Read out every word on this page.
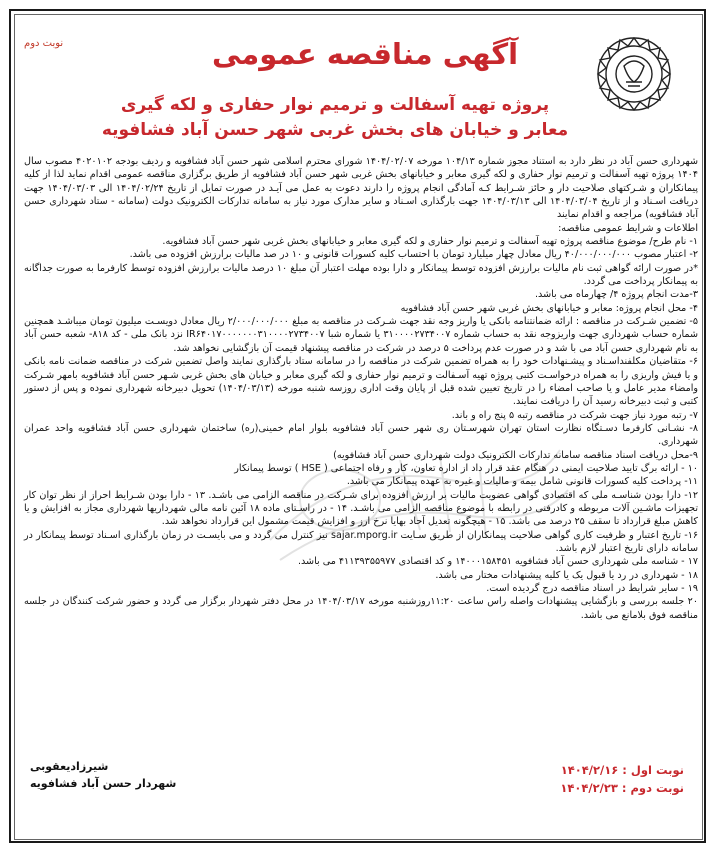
نوبت دوم	آگهی مناقصه عمومی
پروژه تهیه آسفالت و ترمیم نوار حفاری و لکه گیری
معابر و خیابان های بخش غربی شهر حسن آباد فشافویه

شهرداری حسن آباد در نظر دارد به استناد مجوز شماره ۱۰۴/۱۳ مورخه ۱۴۰۴/۰۲/۰۷ شورای محترم اسلامی شهر حسن آباد فشافویه و ردیف بودجه ۴۰۲۰۱۰۲ مصوب سال ۱۴۰۴ پروژه تهیه آسفالت و ترمیم نوار حفاری و لکه گیری معابر و خیابانهای بخش غربی شهر حسن آباد فشافویه از طریق برگزاری مناقصه عمومی اقدام نماید لذا از کلیه پیمانکاران و شـرکتهای صلاحیت دار و حائز شـرایط کـه آمادگی انجام پروژه را دارند دعوت به عمل می آیـد در صورت تمایل از تاریخ ۱۴۰۴/۰۲/۲۴ الی ۱۴۰۴/۰۳/۰۳ جهت دریافت اسـناد و از تاریخ ۱۴۰۴/۰۳/۰۴ الی ۱۴۰۴/۰۳/۱۳ جهت بارگذاری اسـناد و سایر مدارک مورد نیاز به سامانه تدارکات الکترونیک دولت (سامانه - ستاد شهرداری حسن آباد فشافویه) مراجعه و اقدام نمایند

اطلاعات و شرایط عمومی مناقصه:

۱- نام طرح/ موضوع مناقصه پروژه تهیه آسفالت و ترمیم نوار حفاری و لکه گیری معابر و خیابانهای بخش غربی شهر حسن آباد فشافویه.

۲- اعتبار مصوب ۴۰/۰۰۰/۰۰۰/۰۰۰ ریال معادل چهار میلیارد تومان با احتساب کلیه کسورات قانونی و ۱۰ در صد مالیات برارزش افزوده می باشد.

*در صورت ارائه گواهی ثبت نام مالیات برارزش افزوده توسط پیمانکار و دارا بوده مهلت اعتبار آن مبلغ ۱۰ درصد مالیات برارزش افزوده توسط کارفرما به صورت جداگانه به پیمانکار پرداخت می گردد.

۳-مدت انجام پروژه ۴/ چهارماه می باشد.

۴- محل انجام پروژه: معابر و خیابانهای بخش غربی شهر حسن آباد فشافویه

۵- تضمین شـرکت در مناقصه : ارائه ضمانتنامه بانکی یا واریز وجه نقد جهت شـرکت در مناقصه به مبلغ ۲/۰۰۰/۰۰۰/۰۰۰ ریال معادل دویسـت میلیون تومان میباشـد همچنین شماره حساب شهرداری جهت واریزوجه نقد به حساب شماره ۳۱۰۰۰۰۲۷۳۴۰۰۷ یا شماره شبا IR۶۴۰۱۷۰۰۰۰۰۰۰۳۱۰۰۰۰۲۷۳۴۰۰۷ نزد بانک ملی - کد ۸۱۸- شعبه حسن آباد به نام شهرداری حسن آباد می با شد و در صورت عدم پرداخت ۵ درصد در شرکت در مناقصه پیشنهاد قیمت آن بازگشایی نخواهد شد.

۶- متقاضیان مکلفنداسـناد و پیشـنهادات خود را به همراه تضمین شرکت در مناقصه را در سامانه ستاد بارگذاری نمایند واصل تضمین شرکت در مناقصه ضمانت نامه بانکی و یا فیش واریزی را به همراه درخواسـت کتبی پروژه تهیه آسـفالت و ترمیم نوار حفاری و لکه گیری معابر و خیابان های بخش غربی شـهر حسن آباد فشافویه بامهر شـرکت وامضاء مدیر عامل و یا صاحب امضاء را در تاریخ تعیین شده قبل از پایان وقت اداری روزسه شنبه مورخه (۱۴۰۴/۰۳/۱۳) تحویل دبیرخانه شهرداری نموده و پس از دستور کتبی و ثبت دبیرخانه رسید آن را دریافت نمایند.

۷- رتبه مورد نیاز جهت شرکت در مناقصه رتبه ۵ پنج راه و باند.

۸- نشـانی کارفرما دسـتگاه نظارت استان تهران شهرسـتان ری شهر حسن آباد فشافویه بلوار امام خمینی(ره) ساختمان شهرداری حسن آباد فشافویه واحد عمران شهرداری.

۹-محل دریافت اسناد مناقصه سامانه تدارکات الکترونیک دولت شهرداری حسن آباد فشافویه)

۱۰ - ارائه برگ تایید صلاحیت ایمنی در هنگام عقد قرار داد از اداره تعاون، کار و رفاه اجتماعی ( HSE ) توسط پیمانکار

۱۱- پرداخت کلیه کسورات قانونی شامل بیمه و مالیات و غیره به عهده پیمانکار می باشد.

۱۲- دارا بودن شناسـه ملی که اقتصادی گواهی عضویت مالیات بر ارزش افزوده برای شـرکت در مناقصه الزامی می باشـد. ۱۳ - دارا بودن شـرایط احراز از نظر توان کار تجهیزات ماشـین آلات مربوطه و کادرفنی در رابطه با موضوع مناقصه الزامی می باشـد. ۱۴ - در راسـتای ماده ۱۸ آئین نامه مالی شهرداریها شهرداری مجاز به افزایش و یا کاهش مبلغ قرارداد تا سقف ۲۵ درصد می باشد. ۱۵ - هیچگونه تعدیل آحاد بهایا نرخ ارز و افزایش قیمت مشمول این قرارداد نخواهد شد.

۱۶- تاریخ اعتبار و ظرفیت کاری گواهی صلاحیت پیمانکاران از طریق سـایت sajar.mporg.ir نیز کنترل می گردد و می بایسـت در زمان بارگذاری اسـناد توسط پیمانکار در سامانه دارای تاریخ اعتبار لازم باشد.

۱۷ - شناسه ملی شهرداری حسن آباد فشافویه ۱۴۰۰۰۱۵۸۴۵۱ و کد اقتصادی ۴۱۱۳۹۳۵۵۹۷۷ می باشد.

۱۸ - شهرداری در رد یا قبول یک یا کلیه پیشنهادات مختار می باشد.

۱۹ - سایر شرایط در اسناد مناقصه درج گردیده است.

۲۰ جلسه بررسی و بازگشایی پیشنهادات واصله راس ساعت ۱۱:۲۰روزشنبه مورخه ۱۴۰۴/۰۳/۱۷ در محل دفتر شهردار برگزار می گردد و حضور شرکت کنندگان در جلسه مناقصه فوق بلامانع می باشد.

نوبت اول : ۱۴۰۴/۲/۱۶
نوبت دوم : ۱۴۰۴/۲/۲۳
شیرزادیعقوبی
شهردار حسن آباد فشافویه
